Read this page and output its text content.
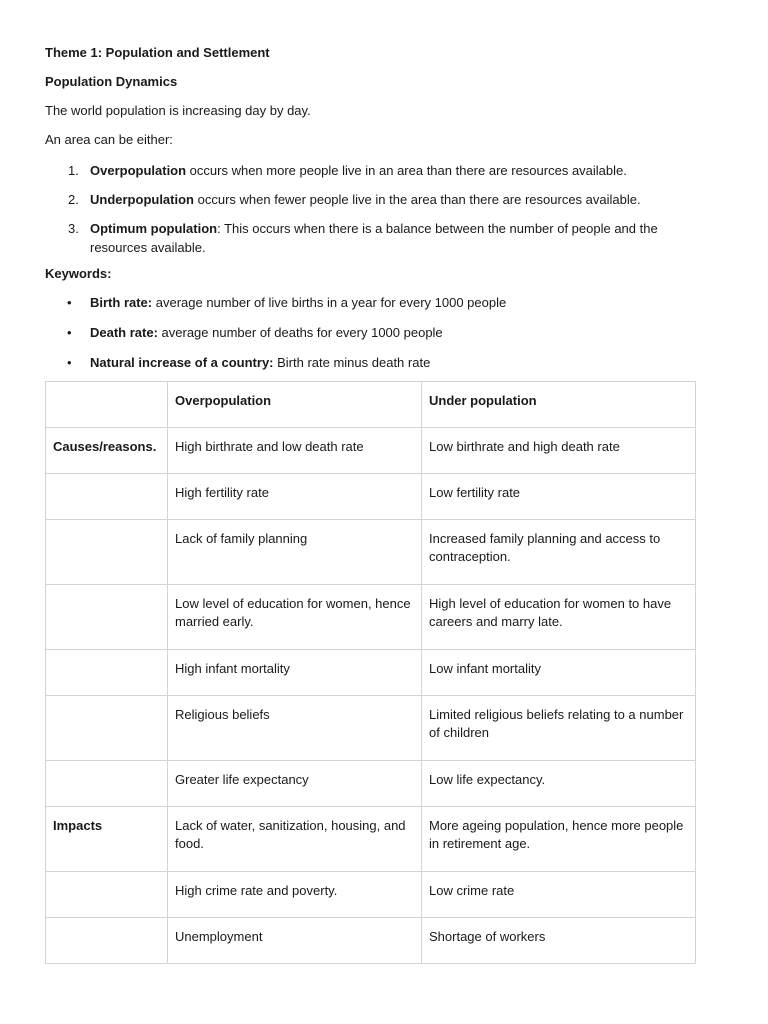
Theme 1: Population and Settlement

Population Dynamics

The world population is increasing day by day.

An area can be either:

1. Overpopulation occurs when more people live in an area than there are resources available.
2. Underpopulation occurs when fewer people live in the area than there are resources available.
3. Optimum population: This occurs when there is a balance between the number of people and the resources available.

Keywords:

• Birth rate: average number of live births in a year for every 1000 people
• Death rate: average number of deaths for every 1000 people
• Natural increase of a country: Birth rate minus death rate
	Overpopulation	Under population
Causes/reasons.	High birthrate and low death rate	Low birthrate and high death rate
	High fertility rate	Low fertility rate
	Lack of family planning	Increased family planning and access to contraception.
	Low level of education for women, hence married early.	High level of education for women to have careers and marry late.
	High infant mortality	Low infant mortality
	Religious beliefs	Limited religious beliefs relating to a number of children
	Greater life expectancy	Low life expectancy.
Impacts	Lack of water, sanitization, housing, and food.	More ageing population, hence more people in retirement age.
	High crime rate and poverty.	Low crime rate
	Unemployment	Shortage of workers
